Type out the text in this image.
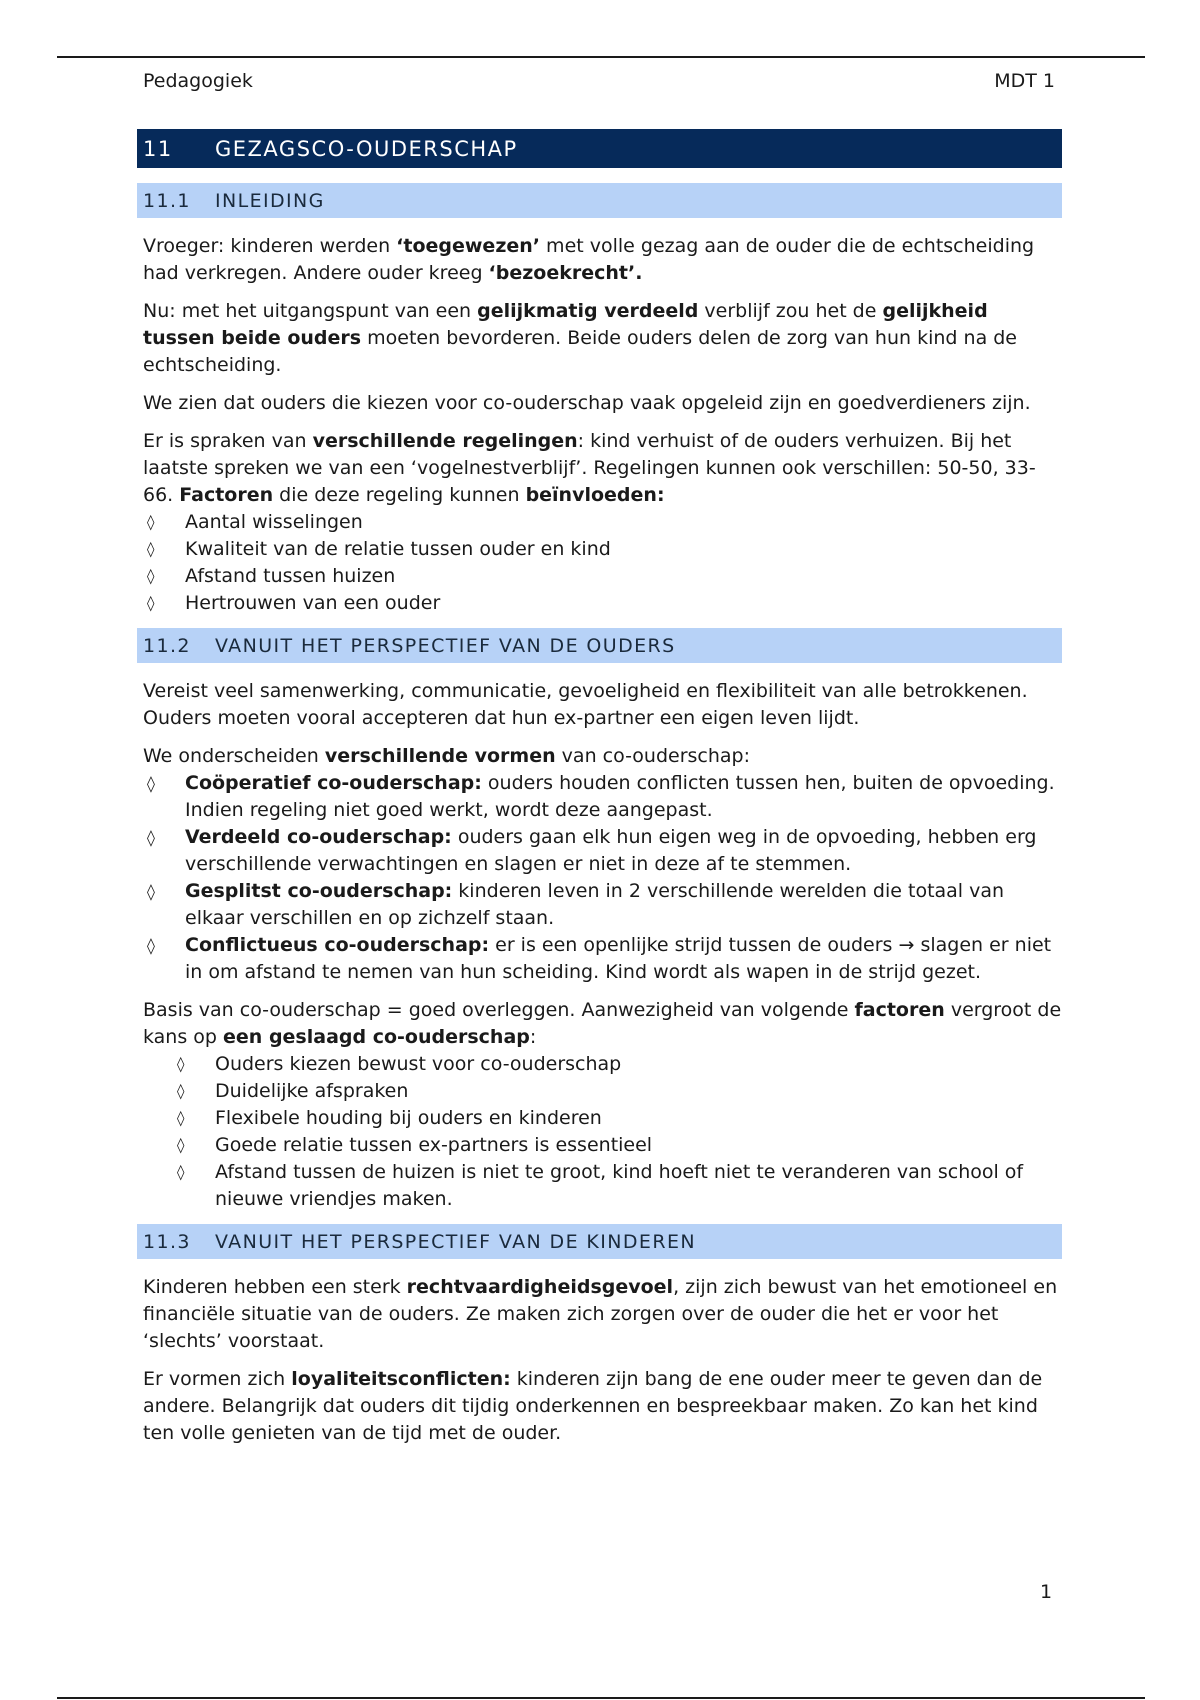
Pedagogiek	MDT 1
11	GEZAGSCO-OUDERSCHAP
11.1	INLEIDING

Vroeger: kinderen werden ‘toegewezen’ met volle gezag aan de ouder die de echtscheiding had verkregen. Andere ouder kreeg ‘bezoekrecht’.

Nu: met het uitgangspunt van een gelijkmatig verdeeld verblijf zou het de gelijkheid tussen beide ouders moeten bevorderen. Beide ouders delen de zorg van hun kind na de echtscheiding.

We zien dat ouders die kiezen voor co-ouderschap vaak opgeleid zijn en goedverdieners zijn.

Er is spraken van verschillende regelingen: kind verhuist of de ouders verhuizen. Bij het laatste spreken we van een ‘vogelnestverblijf’. Regelingen kunnen ook verschillen: 50-50, 33-66. Factoren die deze regeling kunnen beïnvloeden:

◊ Aantal wisselingen
◊ Kwaliteit van de relatie tussen ouder en kind
◊ Afstand tussen huizen
◊ Hertrouwen van een ouder
11.2	VANUIT HET PERSPECTIEF VAN DE OUDERS

Vereist veel samenwerking, communicatie, gevoeligheid en flexibiliteit van alle betrokkenen. Ouders moeten vooral accepteren dat hun ex-partner een eigen leven lijdt.

We onderscheiden verschillende vormen van co-ouderschap:

◊ Coöperatief co-ouderschap: ouders houden conflicten tussen hen, buiten de opvoeding. Indien regeling niet goed werkt, wordt deze aangepast.
◊ Verdeeld co-ouderschap: ouders gaan elk hun eigen weg in de opvoeding, hebben erg verschillende verwachtingen en slagen er niet in deze af te stemmen.
◊ Gesplitst co-ouderschap: kinderen leven in 2 verschillende werelden die totaal van elkaar verschillen en op zichzelf staan.
◊ Conflictueus co-ouderschap: er is een openlijke strijd tussen de ouders → slagen er niet in om afstand te nemen van hun scheiding. Kind wordt als wapen in de strijd gezet.

Basis van co-ouderschap = goed overleggen. Aanwezigheid van volgende factoren vergroot de kans op een geslaagd co-ouderschap:

◊ Ouders kiezen bewust voor co-ouderschap
◊ Duidelijke afspraken
◊ Flexibele houding bij ouders en kinderen
◊ Goede relatie tussen ex-partners is essentieel
◊ Afstand tussen de huizen is niet te groot, kind hoeft niet te veranderen van school of nieuwe vriendjes maken.
11.3	VANUIT HET PERSPECTIEF VAN DE KINDEREN

Kinderen hebben een sterk rechtvaardigheidsgevoel, zijn zich bewust van het emotioneel en financiële situatie van de ouders. Ze maken zich zorgen over de ouder die het er voor het ‘slechts’ voorstaat.

Er vormen zich loyaliteitsconflicten: kinderen zijn bang de ene ouder meer te geven dan de andere. Belangrijk dat ouders dit tijdig onderkennen en bespreekbaar maken. Zo kan het kind ten volle genieten van de tijd met de ouder.

1
